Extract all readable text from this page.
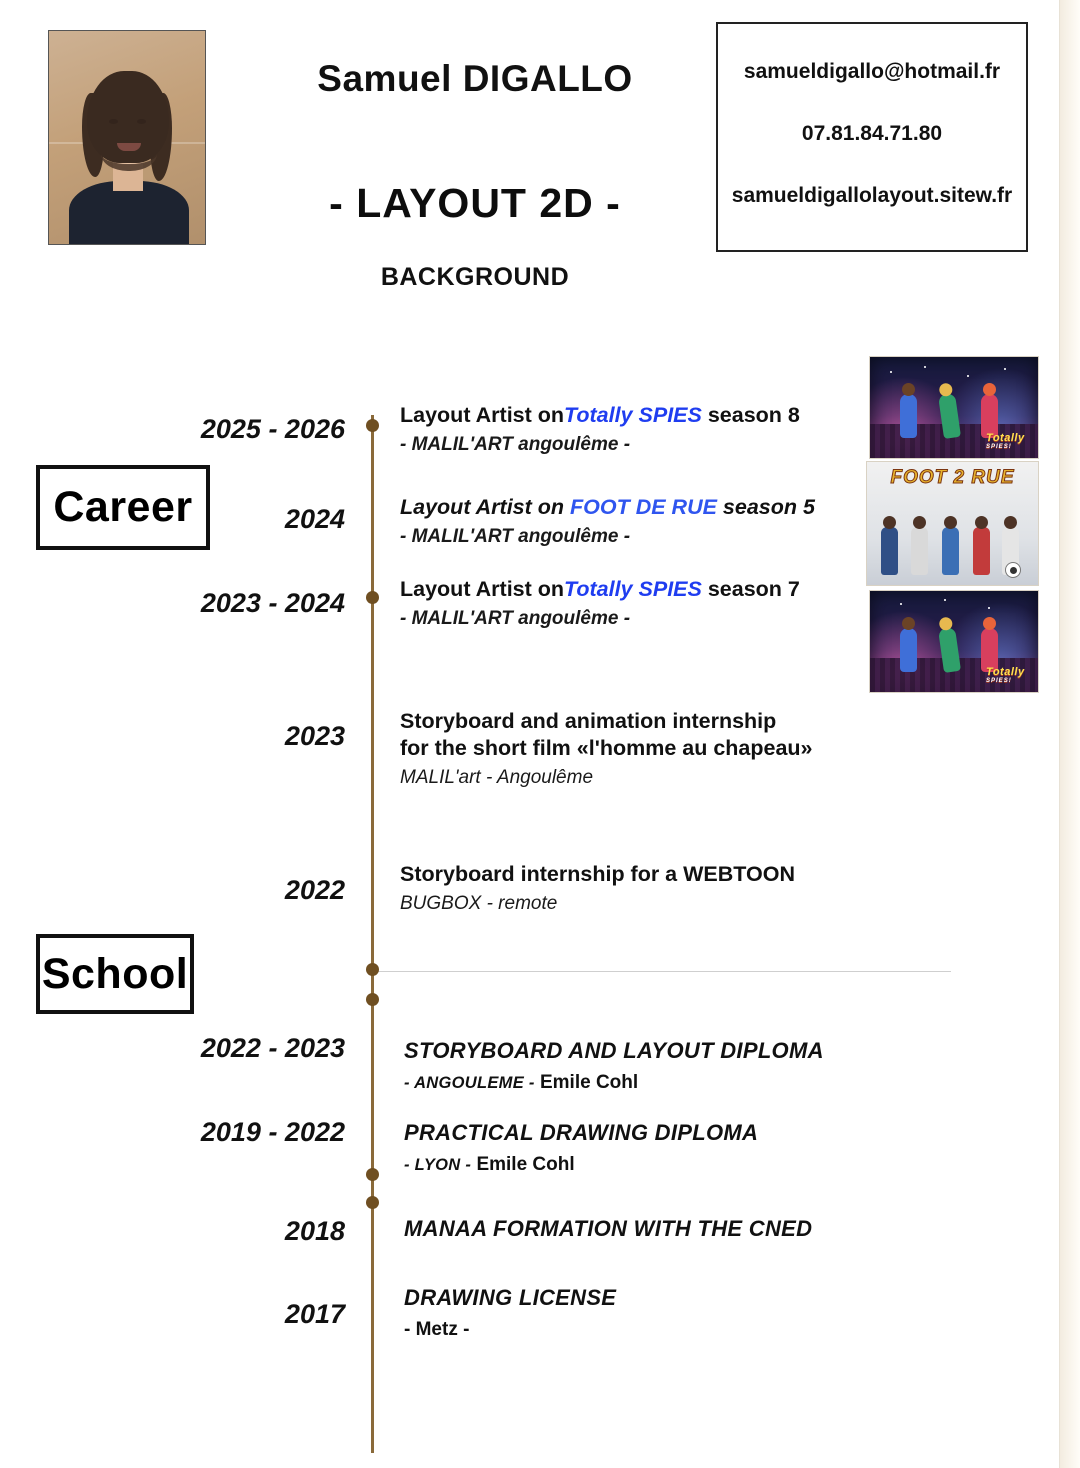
Samuel DIGALLO
- LAYOUT 2D -
BACKGROUND
samueldigallo@hotmail.fr
07.81.84.71.80
samueldigallolayout.sitew.fr
Career
School
2025 - 2026
2024
2023 - 2024
2023
2022
Layout Artist onTotally SPIES season 8
- MALIL'ART angoulême -
Layout Artist on FOOT DE RUE season 5
- MALIL'ART angoulême -
Layout Artist onTotally SPIES season 7
- MALIL'ART angoulême -
Storyboard and animation internship
for the short film «l'homme au chapeau»
MALIL'art - Angoulême
Storyboard internship for a WEBTOON
BUGBOX - remote
2022 - 2023
2019 - 2022
2018
2017
STORYBOARD AND LAYOUT DIPLOMA
- ANGOULEME - Emile Cohl
PRACTICAL DRAWING DIPLOMA
- LYON - Emile Cohl
MANAA FORMATION WITH THE CNED
DRAWING LICENSE
- Metz -
Totally
SPIES!
FOOT 2 RUE
Totally
SPIES!
